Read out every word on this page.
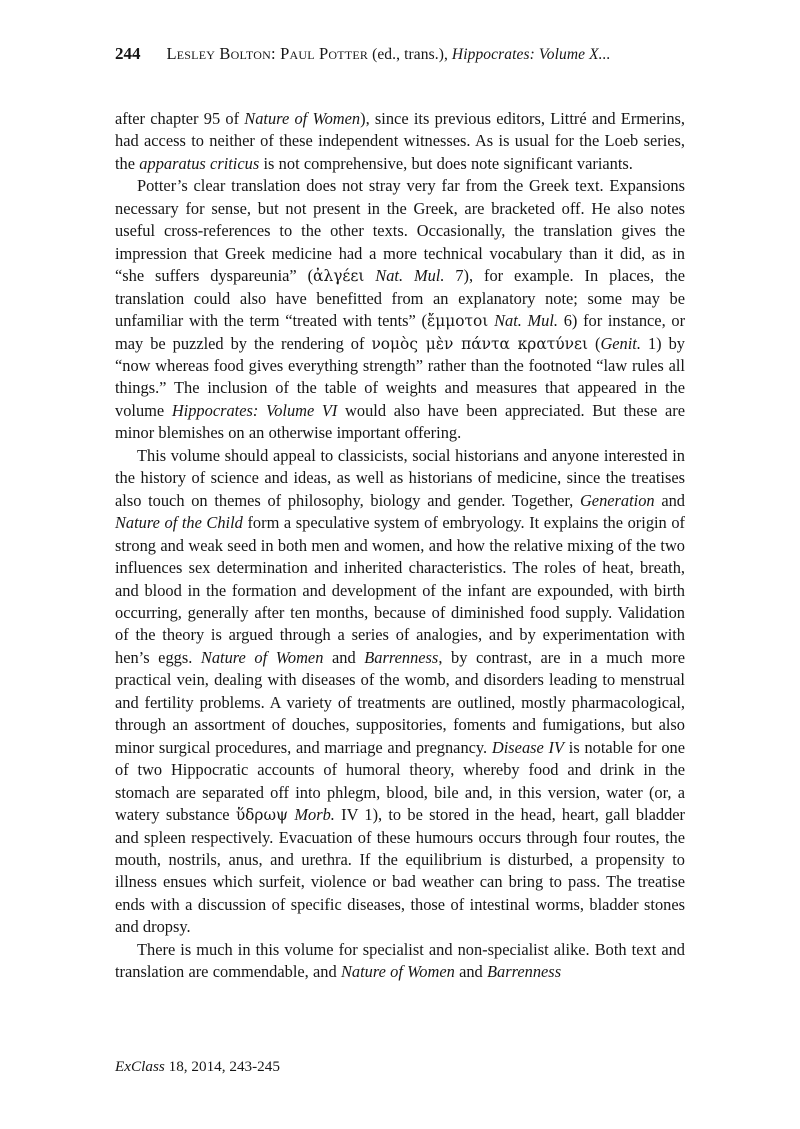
244 Lesley Bolton: Paul Potter (ed., trans.), Hippocrates: Volume X...

after chapter 95 of Nature of Women), since its previous editors, Littré and Ermerins, had access to neither of these independent witnesses. As is usual for the Loeb series, the apparatus criticus is not comprehensive, but does note significant variants.

Potter’s clear translation does not stray very far from the Greek text. Expansions necessary for sense, but not present in the Greek, are bracketed off. He also notes useful cross-references to the other texts. Occasionally, the translation gives the impression that Greek medicine had a more technical vocabulary than it did, as in “she suffers dyspareunia” (ἀλγέει Nat. Mul. 7), for example. In places, the translation could also have benefitted from an explanatory note; some may be unfamiliar with the term “treated with tents” (ἔμμοτοι Nat. Mul. 6) for instance, or may be puzzled by the rendering of νομὸς μὲν πάντα κρατύνει (Genit. 1) by “now whereas food gives everything strength” rather than the footnoted “law rules all things.” The inclusion of the table of weights and measures that appeared in the volume Hippocrates: Volume VI would also have been appreciated. But these are minor blemishes on an otherwise important offering.

This volume should appeal to classicists, social historians and anyone interested in the history of science and ideas, as well as historians of medicine, since the treatises also touch on themes of philosophy, biology and gender. Together, Generation and Nature of the Child form a speculative system of embryology. It explains the origin of strong and weak seed in both men and women, and how the relative mixing of the two influences sex determination and inherited characteristics. The roles of heat, breath, and blood in the formation and development of the infant are expounded, with birth occurring, generally after ten months, because of diminished food supply. Validation of the theory is argued through a series of analogies, and by experimentation with hen’s eggs. Nature of Women and Barrenness, by contrast, are in a much more practical vein, dealing with diseases of the womb, and disorders leading to menstrual and fertility problems. A variety of treatments are outlined, mostly pharmacological, through an assortment of douches, suppositories, foments and fumigations, but also minor surgical procedures, and marriage and pregnancy. Disease IV is notable for one of two Hippocratic accounts of humoral theory, whereby food and drink in the stomach are separated off into phlegm, blood, bile and, in this version, water (or, a watery substance ὕδρωψ Morb. IV 1), to be stored in the head, heart, gall bladder and spleen respectively. Evacuation of these humours occurs through four routes, the mouth, nostrils, anus, and urethra. If the equilibrium is disturbed, a propensity to illness ensues which surfeit, violence or bad weather can bring to pass. The treatise ends with a discussion of specific diseases, those of intestinal worms, bladder stones and dropsy.

There is much in this volume for specialist and non-specialist alike. Both text and translation are commendable, and Nature of Women and Barrenness

ExClass 18, 2014, 243-245
